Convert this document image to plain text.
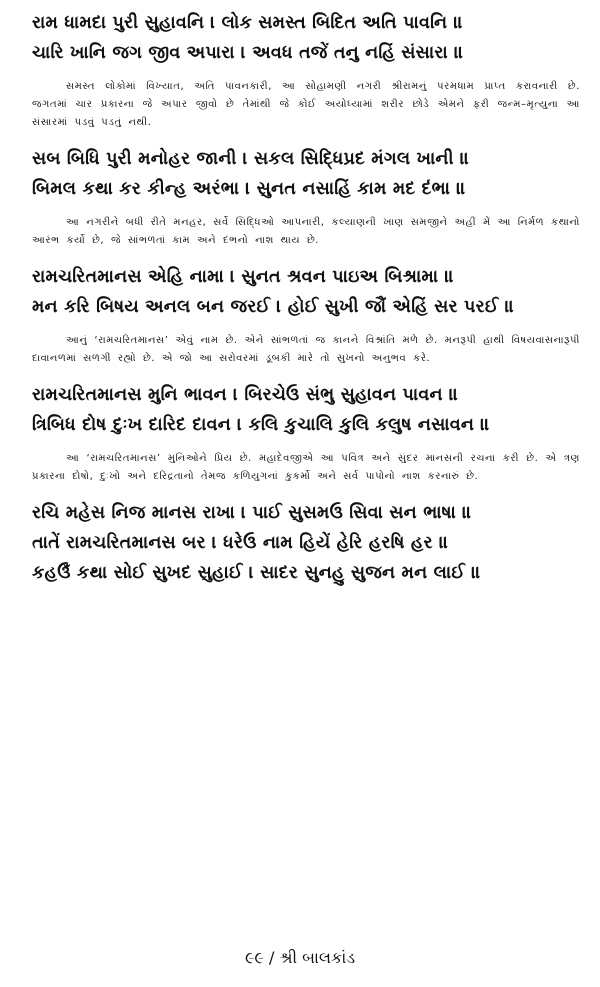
રામ ધામદા પુરી સુહાવનિ । લોક સમસ્ત બિદિત અતિ પાવનિ ॥
ચારિ ખાનિ જગ જીવ અપારા । અવધ તજેં તનુ નહિં સંસારા ॥

સમસ્ત લોકોમાં વિખ્યાત, અતિ પાવનકારી, આ સોહામણી નગરી શ્રીરામનું પરમધામ પ્રાપ્ત કરાવનારી છે. જગતમાં ચાર પ્રકારના જે અપાર જીવો છે તેમાંથી જે કોઈ અયોધ્યામાં શરીર છોડે એમને ફરી જન્મ–મૃત્યુના આ સંસારમાં પડવું પડતું નથી.

સબ બિધિ પુરી મનોહર જાની । સકલ સિદ્ધિપ્રદ મંગલ ખાની ॥
બિમલ કથા કર કીન્હ અરંભા । સુનત નસાહિં કામ મદ દંભા ॥

આ નગરીને બધી રીતે મનહર, સર્વે સિદ્ધિઓ આપનારી, કલ્યાણની ખાણ સમજીને અહીં મેં આ નિર્મળ કથાનો આરંભ કર્યો છે, જે સાંભળતાં કામ અને દંભનો નાશ થાય છે.

રામચરિતમાનસ એહિ નામા । સુનત શ્રવન પાઇઅ બિશ્રામા ॥
મન કરિ બિષય અનલ બન જરઈ । હોઈ સુખી જૌં એહિં સર પરઈ ॥

આનું ‘રામચરિતમાનસ’ એવું નામ છે. એને સાંભળતાં જ કાનને વિશ્રાંતિ મળે છે. મનરૂપી હાથી વિષયવાસનારૂપી દાવાનળમાં સળગી રહ્યો છે. એ જો આ સરોવરમાં ડૂબકી મારે તો સુખનો અનુભવ કરે.

રામચરિતમાનસ મુનિ ભાવન । બિરચેઉ સંભુ સુહાવન પાવન ॥
ત્રિબિધ દોષ દુઃખ દારિદ દાવન । કલિ કુચાલિ કુલિ કલુષ નસાવન ॥

આ ‘રામચરિતમાનસ’ મુનિઓને પ્રિય છે. મહાદેવજીએ આ પવિત્ર અને સુંદર માનસની રચના કરી છે. એ ત્રણ પ્રકારના દોષો, દુઃખો અને દરિદ્રતાનો તેમજ કળિયુગનાં કુકર્મો અને સર્વ પાપોનો નાશ કરનારું છે.

રચિ મહેસ નિજ માનસ રાખા । પાઈ સુસમઉ સિવા સન ભાષા ॥
તાતેં રામચરિતમાનસ બર । ધરેઉ નામ હિયેં હેરિ હરષિ હર ॥
કહઉઁ કથા સોઈ સુખદ સુહાઈ । સાદર સુનહુ સુજન મન લાઈ ॥
૯૯ / શ્રી બાલકાંડ
